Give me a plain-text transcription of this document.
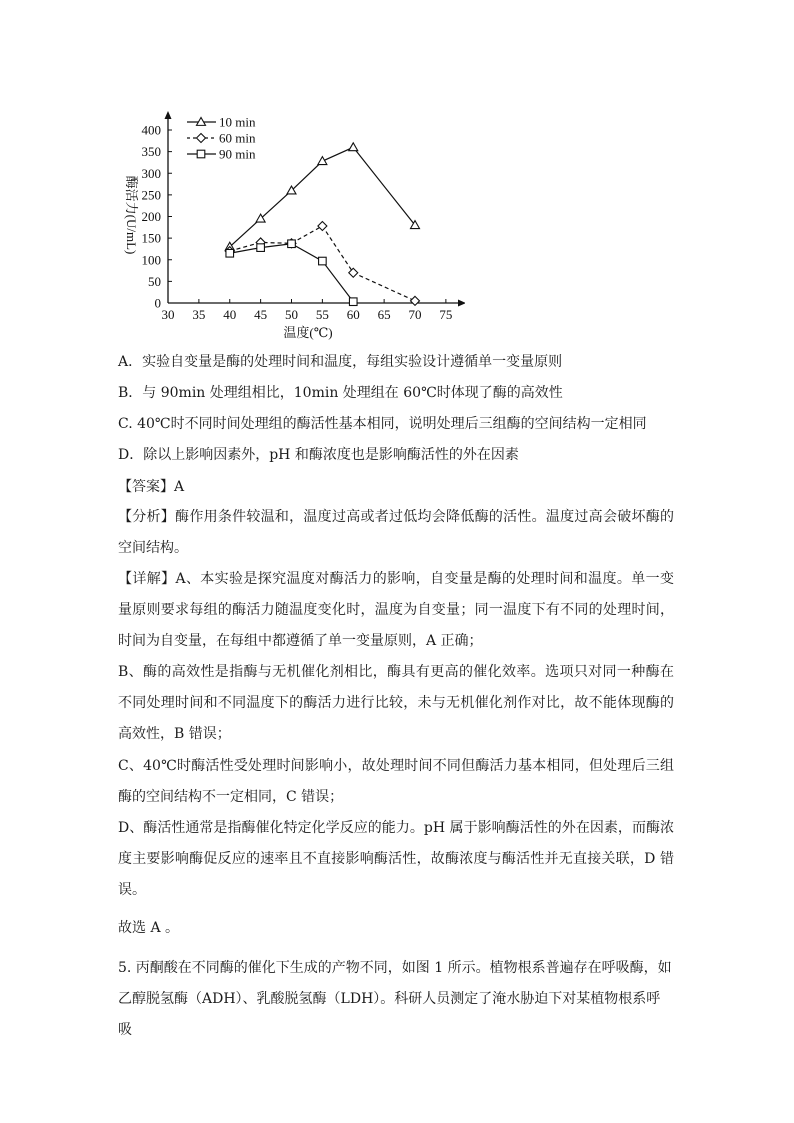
30 35 40 45 50 55 60 65 70 75
0
50
100
150
200
250
300
350
400
10 min
60 min
90 min
酶活力(U/mL)
温度(℃)
A．实验自变量是酶的处理时间和温度，每组实验设计遵循单一变量原则
B．与 90min 处理组相比，10min 处理组在 60℃时体现了酶的高效性
C. 40℃时不同时间处理组的酶活性基本相同，说明处理后三组酶的空间结构一定相同
D．除以上影响因素外，pH 和酶浓度也是影响酶活性的外在因素
【答案】A
【分析】酶作用条件较温和，温度过高或者过低均会降低酶的活性。温度过高会破坏酶的空间结构。
【详解】A、本实验是探究温度对酶活力的影响，自变量是酶的处理时间和温度。单一变量原则要求每组的酶活力随温度变化时，温度为自变量；同一温度下有不同的处理时间，时间为自变量，在每组中都遵循了单一变量原则，A 正确；
B、酶的高效性是指酶与无机催化剂相比，酶具有更高的催化效率。选项只对同一种酶在不同处理时间和不同温度下的酶活力进行比较，未与无机催化剂作对比，故不能体现酶的高效性，B 错误；
C、40℃时酶活性受处理时间影响小，故处理时间不同但酶活力基本相同，但处理后三组酶的空间结构不一定相同，C 错误；
D、酶活性通常是指酶催化特定化学反应的能力。pH 属于影响酶活性的外在因素，而酶浓度主要影响酶促反应的速率且不直接影响酶活性，故酶浓度与酶活性并无直接关联，D 错误。
故选 A 。
5. 丙酮酸在不同酶的催化下生成的产物不同，如图 1 所示。植物根系普遍存在呼吸酶，如乙醇脱氢酶（ADH）、乳酸脱氢酶（LDH）。科研人员测定了淹水胁迫下对某植物根系呼吸
